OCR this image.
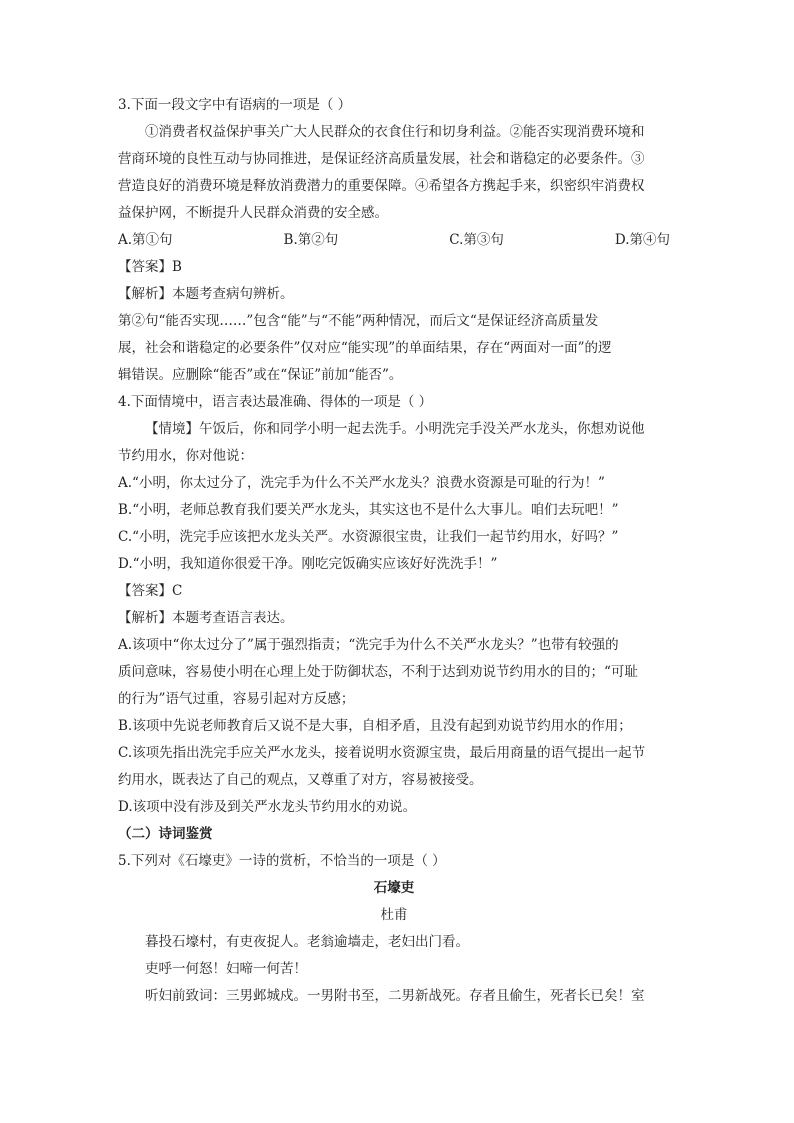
3.下面一段文字中有语病的一项是（ ）
①消费者权益保护事关广大人民群众的衣食住行和切身利益。②能否实现消费环境和
营商环境的良性互动与协同推进，是保证经济高质量发展，社会和谐稳定的必要条件。③
营造良好的消费环境是释放消费潜力的重要保障。④希望各方携起手来，织密织牢消费权
益保护网，不断提升人民群众消费的安全感。
A.第①句	B.第②句	C.第③句	D.第④句
【答案】B
【解析】本题考查病句辨析。
第②句“能否实现……”包含“能”与“不能”两种情况，而后文“是保证经济高质量发
展，社会和谐稳定的必要条件”仅对应“能实现”的单面结果，存在“两面对一面”的逻
辑错误。应删除“能否”或在“保证”前加“能否”。
4.下面情境中，语言表达最准确、得体的一项是（ ）
【情境】午饭后，你和同学小明一起去洗手。小明洗完手没关严水龙头，你想劝说他
节约用水，你对他说：
A.“小明，你太过分了，洗完手为什么不关严水龙头？浪费水资源是可耻的行为！”
B.“小明，老师总教育我们要关严水龙头，其实这也不是什么大事儿。咱们去玩吧！”
C.“小明，洗完手应该把水龙头关严。水资源很宝贵，让我们一起节约用水，好吗？”
D.“小明，我知道你很爱干净。刚吃完饭确实应该好好洗洗手！”
【答案】C
【解析】本题考查语言表达。
A.该项中“你太过分了”属于强烈指责；“洗完手为什么不关严水龙头？”也带有较强的
质问意味，容易使小明在心理上处于防御状态，不利于达到劝说节约用水的目的；“可耻
的行为”语气过重，容易引起对方反感；
B.该项中先说老师教育后又说不是大事，自相矛盾，且没有起到劝说节约用水的作用；
C.该项先指出洗完手应关严水龙头，接着说明水资源宝贵，最后用商量的语气提出一起节
约用水，既表达了自己的观点，又尊重了对方，容易被接受。
D.该项中没有涉及到关严水龙头节约用水的劝说。
（二）诗词鉴赏
5.下列对《石壕吏》一诗的赏析，不恰当的一项是（ ）
石壕吏
杜甫
暮投石壕村，有吏夜捉人。老翁逾墙走，老妇出门看。
吏呼一何怒！妇啼一何苦！
听妇前致词：三男邺城戍。一男附书至，二男新战死。存者且偷生，死者长已矣！室
